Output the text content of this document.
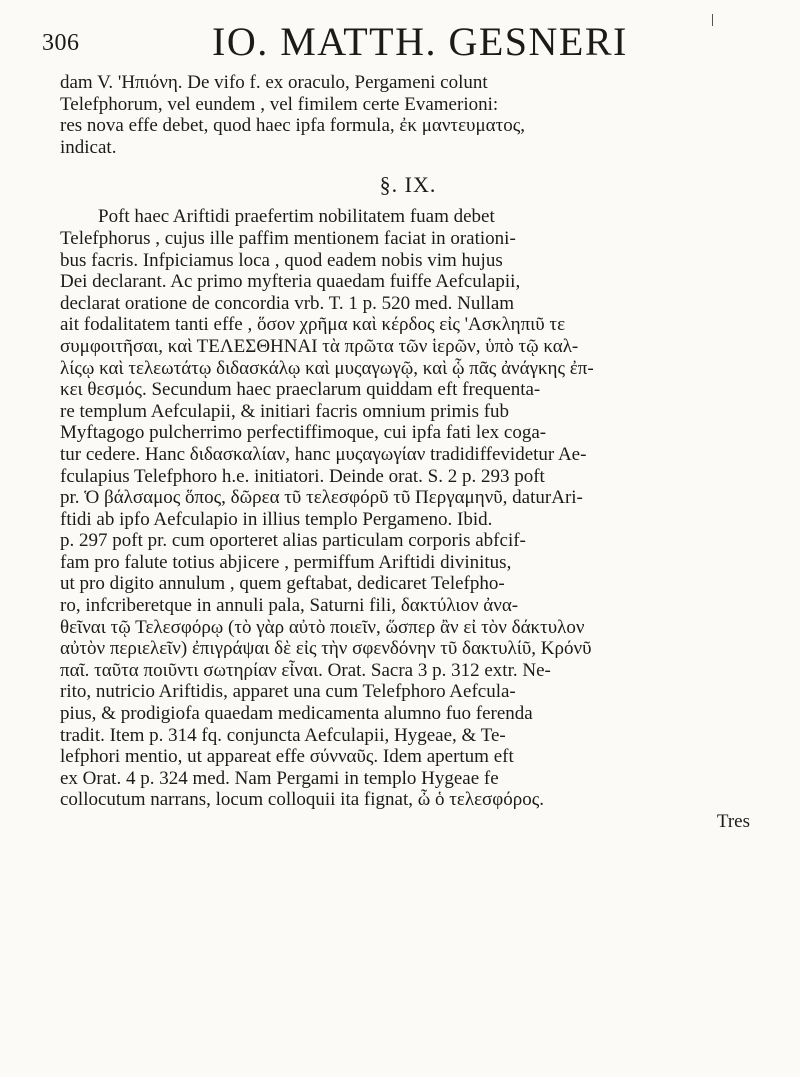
306	IO. MATTH. GESNERI
dam V. 'Ηπιόνη. De vifo f. ex oraculo, Pergameni colunt
Telefphorum, vel eundem , vel fimilem certe Evamerioni:
res nova effe debet, quod haec ipfa formula, ἐκ μαντευματος,
indicat.
§. IX.
Poft haec Ariftidi praefertim nobilitatem fuam debet
Telefphorus , cujus ille paffim mentionem faciat in orationi-
bus facris. Infpiciamus loca , quod eadem nobis vim hujus
Dei declarant. Ac primo myfteria quaedam fuiffe Aefculapii,
declarat oratione de concordia vrb. T. 1 p. 520 med. Nullam
ait fodalitatem tanti effe , ὅσον χρῆμα καὶ κέρδος εἰς 'Ασκληπιῦ τε
συμφοιτῆσαι, καὶ ΤΕΛΕΣΘΗΝΑΙ τὰ πρῶτα τῶν ἱερῶν, ὑπὸ τῷ καλ-
λίςῳ καὶ τελεωτάτῳ διδασκάλῳ καὶ μυςαγωγῷ, καὶ ᾧ πᾶς ἀνάγκης ἐπ-
κει θεσμός. Secundum haec praeclarum quiddam eft frequenta-
re templum Aefculapii, & initiari facris omnium primis fub
Myftagogo pulcherrimo perfectiffimoque, cui ipfa fati lex coga-
tur cedere. Hanc διδασκαλίαν, hanc μυςαγωγίαν tradidiffevidetur Ae-
fculapius Telefphoro h.e. initiatori. Deinde orat. S. 2 p. 293 poft
pr. Ὁ βάλσαμος ὅπος, δῶρεα τῦ τελεσφόρῦ τῦ Περγαμηνῦ, daturAri-
ftidi ab ipfo Aefculapio in illius templo Pergameno. Ibid.
p. 297 poft pr. cum oporteret alias particulam corporis abfcif-
fam pro falute totius abjicere , permiffum Ariftidi divinitus,
ut pro digito annulum , quem geftabat, dedicaret Telefpho-
ro, infcriberetque in annuli pala, Saturni fili, δακτύλιον ἀνα-
θεῖναι τῷ Τελεσφόρῳ (τὸ γὰρ αὐτὸ ποιεῖν, ὥσπερ ἂν εἰ τὸν δάκτυλον
αὐτὸν περιελεῖν) ἐπιγράψαι δὲ εἰς τὴν σφενδόνην τῦ δακτυλίῦ, Κρόνῦ
παῖ. ταῦτα ποιῦντι σωτηρίαν εἶναι. Orat. Sacra 3 p. 312 extr. Ne-
rito, nutricio Ariftidis, apparet una cum Telefphoro Aefcula-
pius, & prodigiofa quaedam medicamenta alumno fuo ferenda
tradit. Item p. 314 fq. conjuncta Aefculapii, Hygeae, & Te-
lefphori mentio, ut appareat effe σύνναῦς. Idem apertum eft
ex Orat. 4 p. 324 med. Nam Pergami in templo Hygeae fe
collocutum narrans, locum colloquii ita fignat, ὦ ὁ τελεσφόρος.
Tres
